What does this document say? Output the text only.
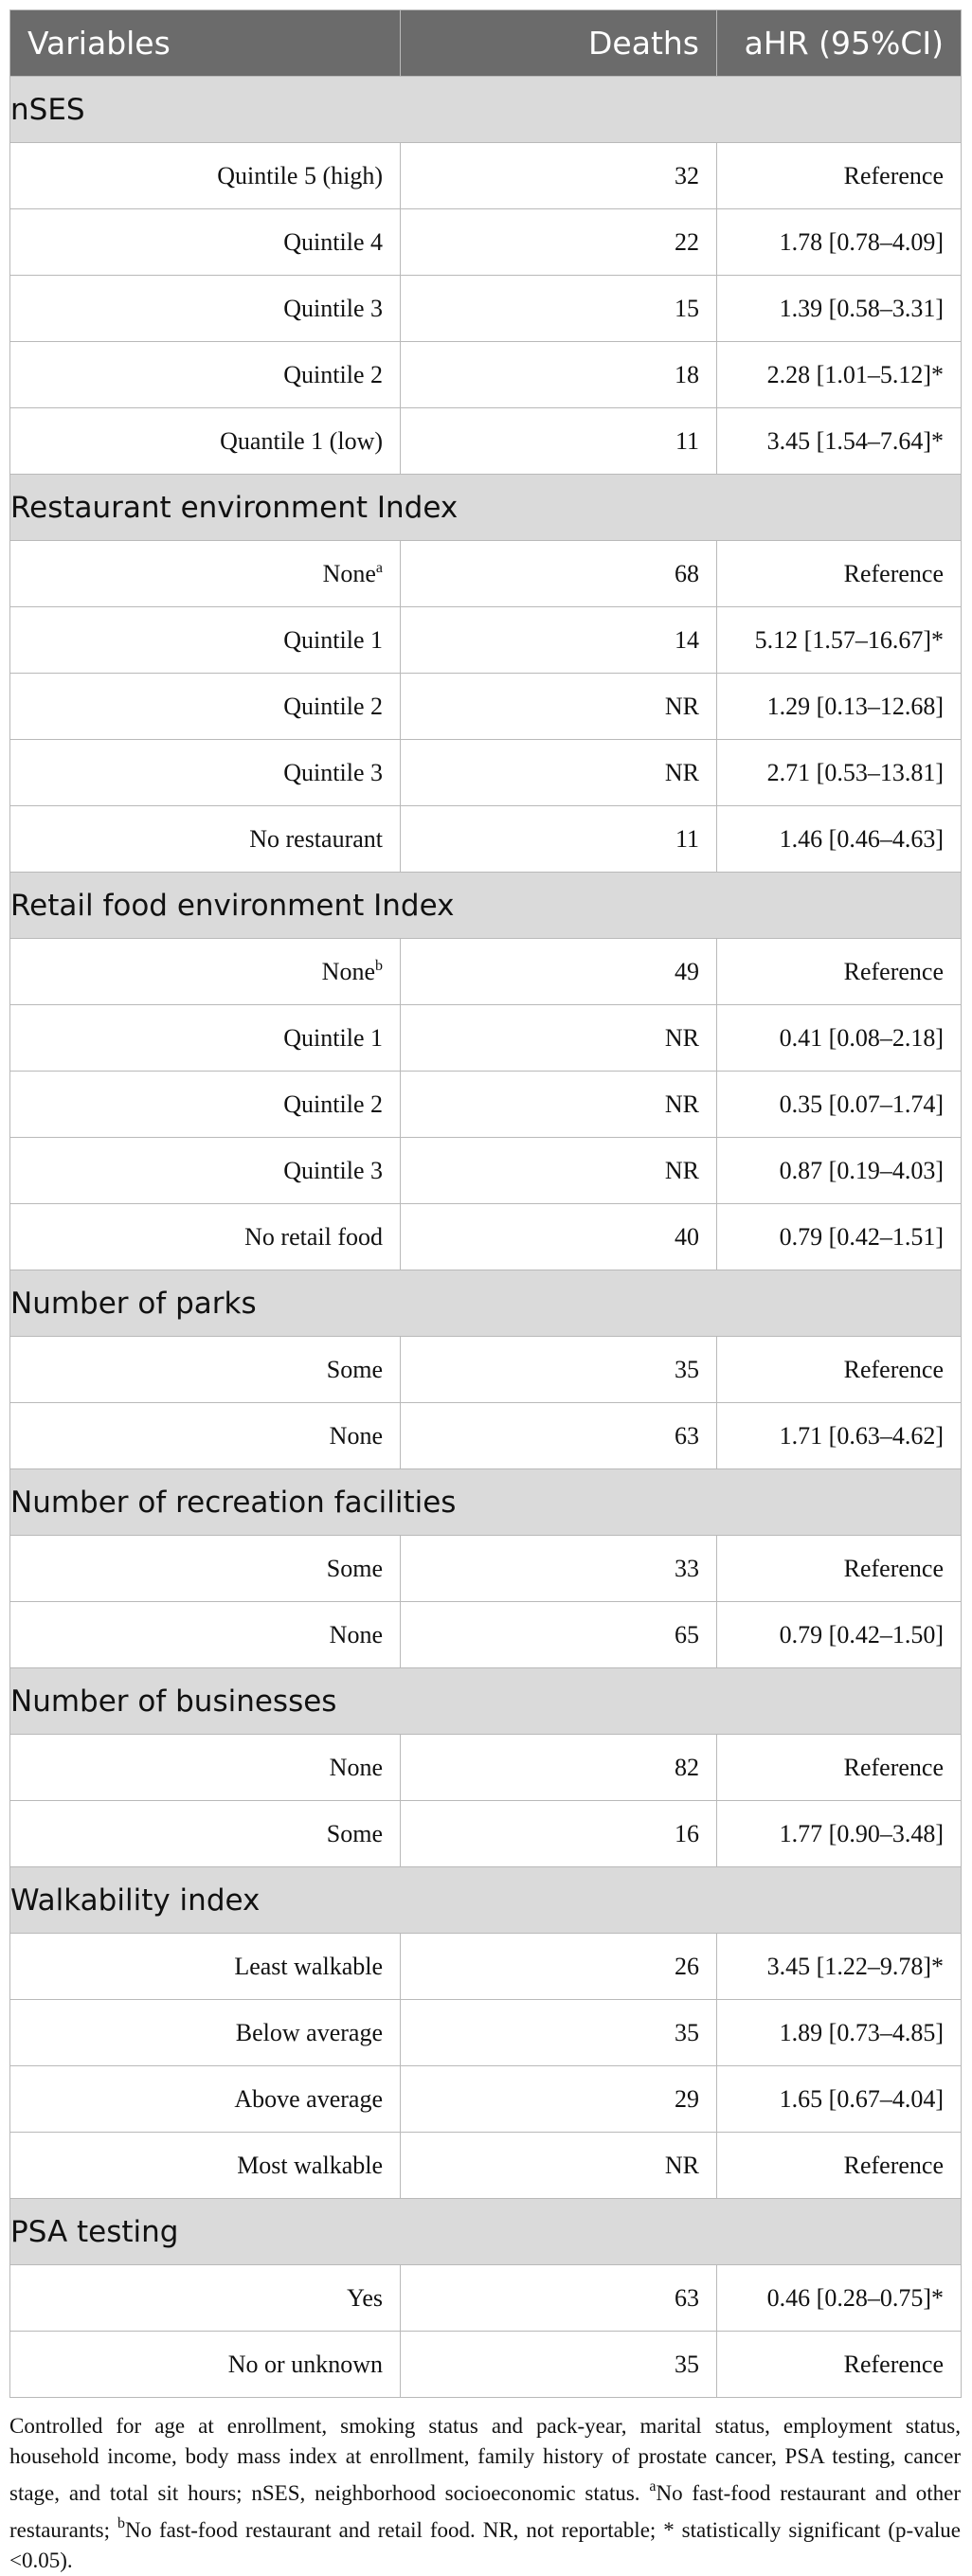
Variables	Deaths	aHR (95%CI)
nSES		
Quintile 5 (high)	32	Reference
Quintile 4	22	1.78 [0.78–4.09]
Quintile 3	15	1.39 [0.58–3.31]
Quintile 2	18	2.28 [1.01–5.12]*
Quantile 1 (low)	11	3.45 [1.54–7.64]*
Restaurant environment Index		
None$^a$	68	Reference
Quintile 1	14	5.12 [1.57–16.67]*
Quintile 2	NR	1.29 [0.13–12.68]
Quintile 3	NR	2.71 [0.53–13.81]
No restaurant	11	1.46 [0.46–4.63]
Retail food environment Index		
None$^b$	49	Reference
Quintile 1	NR	0.41 [0.08–2.18]
Quintile 2	NR	0.35 [0.07–1.74]
Quintile 3	NR	0.87 [0.19–4.03]
No retail food	40	0.79 [0.42–1.51]
Number of parks		
Some	35	Reference
None	63	1.71 [0.63–4.62]
Number of recreation facilities		
Some	33	Reference
None	65	0.79 [0.42–1.50]
Number of businesses		
None	82	Reference
Some	16	1.77 [0.90–3.48]
Walkability index		
Least walkable	26	3.45 [1.22–9.78]*
Below average	35	1.89 [0.73–4.85]
Above average	29	1.65 [0.67–4.04]
Most walkable	NR	Reference
PSA testing		
Yes	63	0.46 [0.28–0.75]*
No or unknown	35	Reference
Controlled for age at enrollment, smoking status and pack-year, marital status, employment status, household income, body mass index at enrollment, family history of prostate cancer, PSA testing, cancer stage, and total sit hours; nSES, neighborhood socioeconomic status. $^a$No fast-food restaurant and other restaurants; $^b$No fast-food restaurant and retail food. NR, not reportable; * statistically significant (p-value <0.05).
